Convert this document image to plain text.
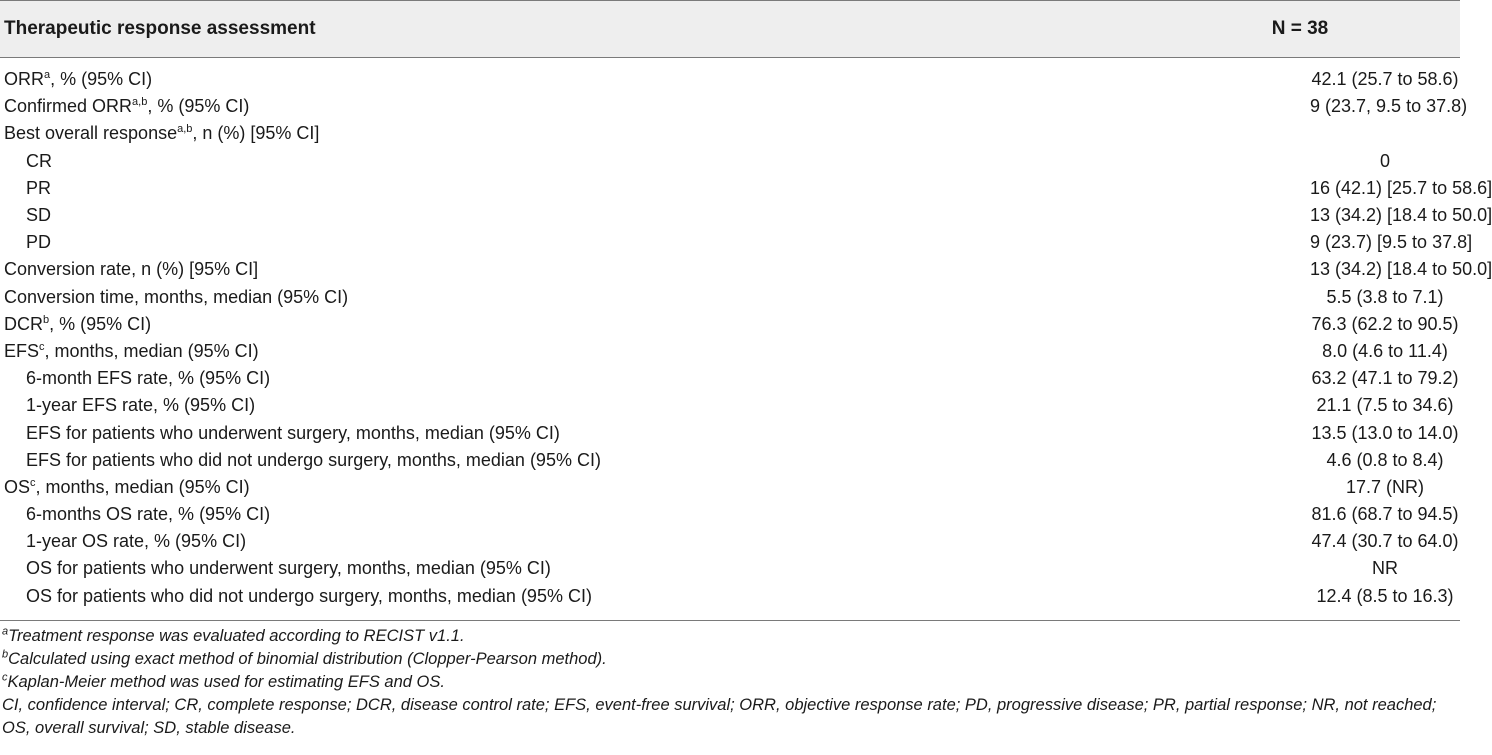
Therapeutic response assessment	N = 38
ORR$^a$, % (95% CI)	42.1 (25.7 to 58.6)
Confirmed ORR$^{a,b}$, % (95% CI)	9 (23.7, 9.5 to 37.8)
Best overall response$^{a,b}$, n (%) [95% CI]	
CR	0
PR	16 (42.1) [25.7 to 58.6]
SD	13 (34.2) [18.4 to 50.0]
PD	9 (23.7) [9.5 to 37.8]
Conversion rate, n (%) [95% CI]	13 (34.2) [18.4 to 50.0]
Conversion time, months, median (95% CI)	5.5 (3.8 to 7.1)
DCR$^b$, % (95% CI)	76.3 (62.2 to 90.5)
EFS$^c$, months, median (95% CI)	8.0 (4.6 to 11.4)
6-month EFS rate, % (95% CI)	63.2 (47.1 to 79.2)
1-year EFS rate, % (95% CI)	21.1 (7.5 to 34.6)
EFS for patients who underwent surgery, months, median (95% CI)	13.5 (13.0 to 14.0)
EFS for patients who did not undergo surgery, months, median (95% CI)	4.6 (0.8 to 8.4)
$OS^c$, months, median (95% CI)	17.7 (NR)
6-months OS rate, % (95% CI)	81.6 (68.7 to 94.5)
1-year OS rate, % (95% CI)	47.4 (30.7 to 64.0)
OS for patients who underwent surgery, months, median (95% CI)	NR
OS for patients who did not undergo surgery, months, median (95% CI)	12.4 (8.5 to 16.3)
$^a$Treatment response was evaluated according to RECIST v1.1.
$^b$Calculated using exact method of binomial distribution (Clopper-Pearson method).
$^c$Kaplan-Meier method was used for estimating EFS and OS.
CI, confidence interval; CR, complete response; DCR, disease control rate; EFS, event-free survival; ORR, objective response rate; PD, progressive disease; PR, partial response; NR, not reached; OS, overall survival; SD, stable disease.
